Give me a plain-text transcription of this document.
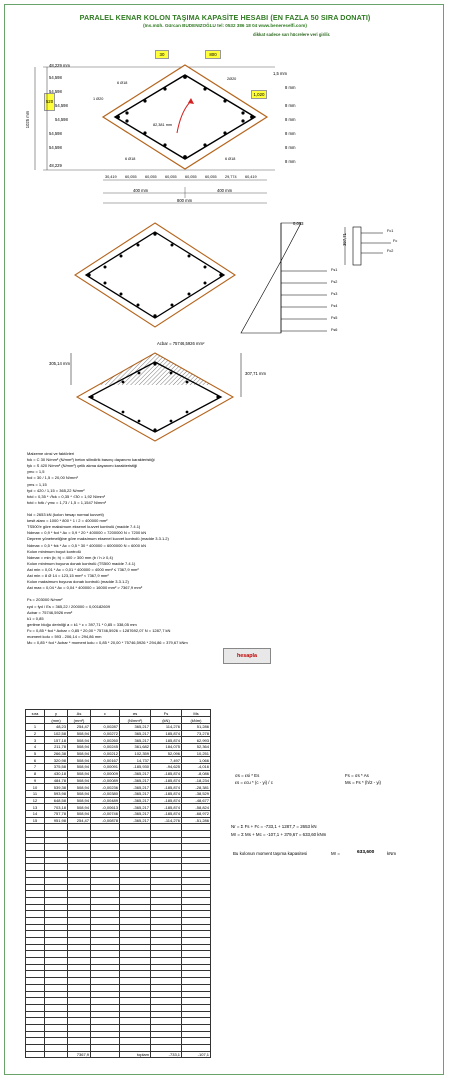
PARALEL KENAR KOLON TAŞIMA KAPASİTE HESABI (EN FAZLA 50 SIRA DONATI)
(Ins.müh. Gürcan BUDENIZOĞLU tel: 0532 386 18 04 www.benereselfi.com)
dikkat sadece sarı hücrelere veri girilir.
30	800
1,020
520
48,229 mm
54,598
54,598
54,598
54,598
54,598
54,598
48,229
1025 mm
1,5 mm
8 mm
8 mm
8 mm
8 mm
8 mm
8 mm
6 Ø18
2Ø20
1 Ø20
6 Ø18	6 Ø18
82,381 mm
30,419 60,055 60,055 60,055 60,055 60,055 29,774 60,419
400 mm	400 mm
800 mm
0,003
397,71
Fc1
Fc
Fc2
Fs1
Fs2
Fs3
Fs4
Fs5
Fs6
Acbar = 75746,5926 mm²
305,14 mm
307,71 mm
Malzeme cinsi ve faktörleri
fck = C 30 N/mm² (N/mm²) beton silindirik basınç dayanımı karakteristiği
fyk = S 420 N/mm² (N/mm²) çelik akma dayanımı karakteristiği
γmc = 1,5
fcd = 30 / 1,5 = 20,00 N/mm²
γms = 1,15
fyd = 420 / 1,15 = 365,22 N/mm²
fctd = 0,35 * √fck = 0,35 * √30 = 1,92 N/mm²
fctd = fctk / γmc = 1,73 / 1,5 = 1,1547 N/mm²
Nd = 2653 kN (kolon hesap normal kuvveti)
kesit alanı = 1000 * 800 * 1 / 2 = 400000 mm²
TS500'e göre maksimum eksenel kuvvet kontrolü (madde 7.4.1)
Ndmax = 0,9 * fcd * Ac = 0,9 * 20 * 400000 = 7200000 N = 7200 kN
Deprem yönetmeliğine göre maksimum eksenel kuvvet kontrolü (madde 3.3.1.2)
Ndmax = 0,5 * fck * Ac = 0,5 * 30 * 400000 = 6000000 N = 6000 kN
Kolon minimum boyut kontrolü
Ndmax = min (b; h) = 400 > 300 mm (b / h ≥ 0,4)
Kolon minimum boyuna donatı kontrolü (TS500 madde 7.4.1)
Ast min = 0,01 * Ac = 0,01 * 400000 = 4000 mm² ≤ 7367,9 mm²
Ast min = 8 Ø 14 = 123,15 mm² < 7367,9 mm²
Kolon maksimum boyuna donatı kontrolü (madde 3.3.1.2)
Ast max = 0,04 * Ac = 0,04 * 400000 = 16000 mm² > 7367,9 mm²
Fs = 203000 N/mm²
εyd = fyd / Es = 365,22 / 200000 = 0,00182609
Acbar = 75746,5926 mm²
k1 = 0,85
gerilme bloğu derinliği a = k1 * c = 397,71 * 0,85 = 338,05 mm
Fc = 0,85 * fcd * Acbar = 0,85 * 20,00 * 75746,5926 = 1287692,07 N = 1287,7 kN
moment kolu = 593 - 206,14 = 294,86 mm
Mc = 0,85 * fcd * Acbar * moment kolu = 0,85 * 20,00 * 75746,5926 * 294,86 = 379,67 kNm
hesapla
sıra	y	As	ε	σs	Fs	Ms
	(mm)	(mm²)		(N/mm²)	(kN)	(kNm)
1	48,23	254,47	0,00287	365,217	114,276	51,286
2	102,58	508,94	0,00272	365,217	185,874	73,278
3	157,18	508,94	0,00260	365,217	185,874	62,993
4	211,78	508,94	0,00245	361,682	184,075	52,364
5	266,38	508,94	0,00212	102,359	52,096	10,251
6	320,98	508,94	0,00167	14,737	7,497	1,066
7	375,58	508,94	0,00091	-185,930	-94,625	-4,016
8	430,18	508,94	0,00009	-365,217	-185,874	-8,086
9	484,78	508,94	-0,00089	-365,217	-185,874	-18,234
10	539,38	508,94	-0,00236	-365,217	-185,874	-28,381
11	593,98	508,94	-0,00380	-365,217	-185,874	-38,529
12	648,58	508,94	-0,00489	-365,217	-185,874	-48,677
13	703,18	508,94	-0,00613	-365,217	-185,874	-58,824
14	757,78	508,94	-0,00746	-365,217	-185,874	-68,972
15	951,98	254,47	-0,00878	-365,217	-114,276	-51,286

		7367,9		toplam	-733,1	-107,1
σs = εsi * Es
εs = εcu * (c - yi) / c
Fs = σs * As
Ms = Fs * (h/2 - yi)
Nr = Σ Fs + Fc = -733,1 + 1287,7 = 2653 kN
Mr = Σ Ms + Mc = -107,1 + 379,67 = 633,60 kNm
Bu kolonun moment taşıma kapasitesi	Mr =	633,600	kNm
